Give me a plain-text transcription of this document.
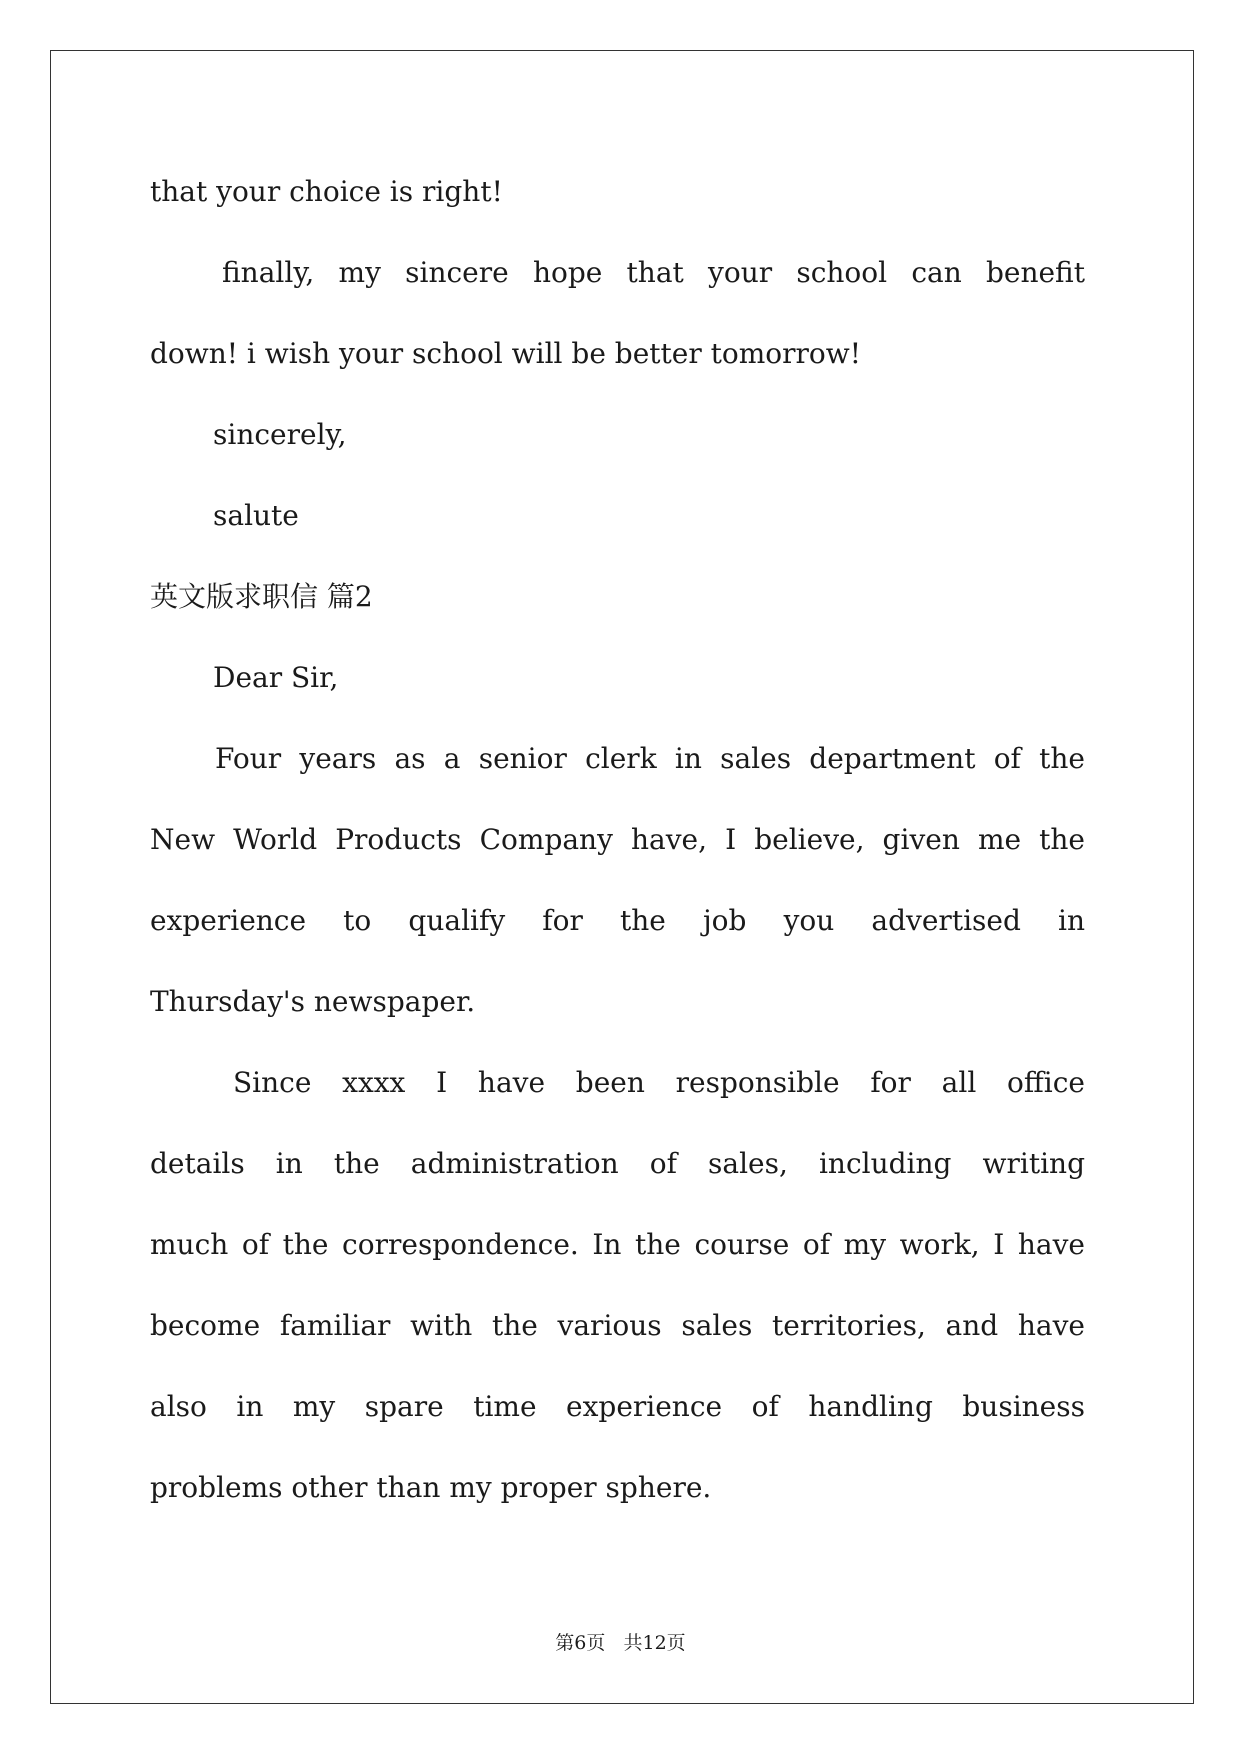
that your choice is right!

finally, my sincere hope that your school can benefit

down! i wish your school will be better tomorrow!

sincerely,

salute

英文版求职信 篇2

Dear Sir,

Four years as a senior clerk in sales department of the

New World Products Company have, I believe, given me the

experience to qualify for the job you advertised in

Thursday's newspaper.

Since xxxx I have been responsible for all office

details in the administration of sales, including writing

much of the correspondence. In the course of my work, I have

become familiar with the various sales territories, and have

also in my spare time experience of handling business

problems other than my proper sphere.

第6页   共12页
